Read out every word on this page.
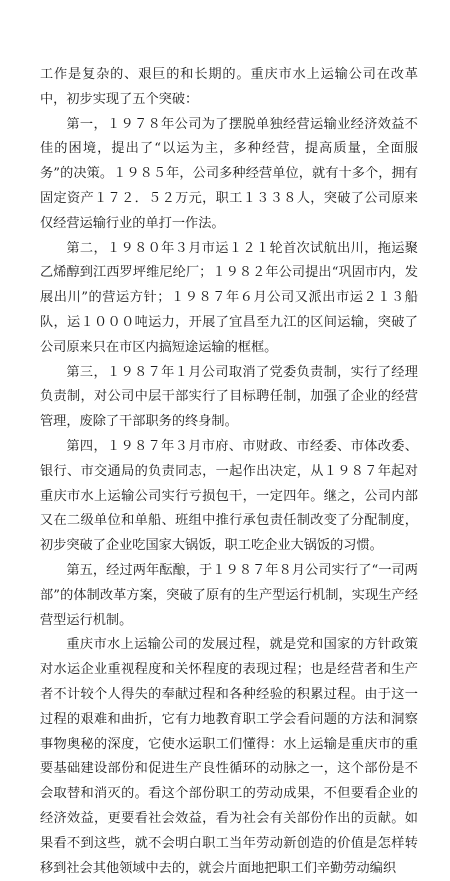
工作是复杂的、艰巨的和长期的。重庆市水上运输公司在改革中，初步实现了五个突破：

第一，１９７８年公司为了摆脱单独经营运输业经济效益不佳的困境，提出了“以运为主，多种经营，提高质量，全面服务”的决策。１９８５年，公司多种经营单位，就有十多个，拥有固定资产１７２．５２万元，职工１３３８人，突破了公司原来仅经营运输行业的单打一作法。

第二，１９８０年３月市运１２１轮首次试航出川，拖运聚乙烯醇到江西罗坪维尼纶厂；１９８２年公司提出“巩固市内，发展出川”的营运方针；１９８７年６月公司又派出市运２１３船队，运１０００吨运力，开展了宜昌至九江的区间运输，突破了公司原来只在市区内搞短途运输的框框。

第三，１９８７年１月公司取消了党委负责制，实行了经理负责制，对公司中层干部实行了目标聘任制，加强了企业的经营管理，废除了干部职务的终身制。

第四，１９８７年３月市府、市财政、市经委、市体改委、银行、市交通局的负责同志，一起作出决定，从１９８７年起对重庆市水上运输公司实行亏损包干，一定四年。继之，公司内部又在二级单位和单船、班组中推行承包责任制改变了分配制度，初步突破了企业吃国家大锅饭，职工吃企业大锅饭的习惯。

第五，经过两年酝酿，于１９８７年８月公司实行了“一司两部”的体制改革方案，突破了原有的生产型运行机制，实现生产经营型运行机制。

重庆市水上运输公司的发展过程，就是党和国家的方针政策对水运企业重视程度和关怀程度的表现过程；也是经营者和生产者不计较个人得失的奉献过程和各种经验的积累过程。由于这一过程的艰难和曲折，它有力地教育职工学会看问题的方法和洞察事物奥秘的深度，它使水运职工们懂得：水上运输是重庆市的重要基础建设部份和促进生产良性循环的动脉之一，这个部份是不会取替和消灭的。看这个部份职工的劳动成果，不但要看企业的经济效益，更要看社会效益，看为社会有关部份作出的贡献。如果看不到这些，就不会明白职工当年劳动新创造的价值是怎样转移到社会其他领域中去的，就会片面地把职工们辛勤劳动编织
